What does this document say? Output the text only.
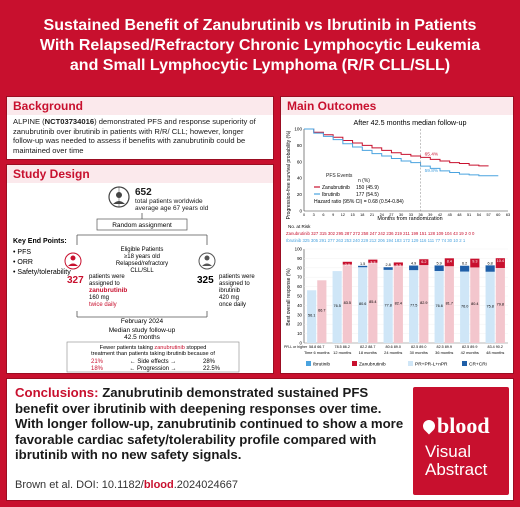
Sustained Benefit of Zanubrutinib vs Ibrutinib in Patients With Relapsed/Refractory Chronic Lymphocytic Leukemia and Small Lymphocytic Lymphoma (R/R CLL/SLL)
Background
ALPINE (NCT03734016) demonstrated PFS and response superiority of zanubrutinib over ibrutinib in patients with R/R/ CLL; however, longer follow-up was needed to assess if benefits with zanubrutinib could be maintained over time
Study Design
652
total patients worldwide
average age 67 years old
Random assignment
Key End Points:
• PFS
• ORR
• Safety/tolerability
Eligible Patients
≥18 years old
Relapsed/refractory
CLL/SLL
327 patients were
assigned to
zanubrutinib
160 mg
twice daily
325 patients were
assigned to
ibrutinib
420 mg
once daily
February 2024
Median study follow-up
42.5 months
Fewer patients taking zanubrutinib stopped
treatment than patients taking ibrutinib because of
21%	← Side effects →	28%
18%	← Progression →	22.5%
Main Outcomes
After 42.5 months median follow-up
Progression-free survival probability (%)	Months from randomization
0
20
40
60
80
100
0 3 6 9 12 15 18 21 24 27 30 33 36 39 42 45 48 51 54 57 60 63
65.4%
59.8%
PFS Events
n (%)
Zanubrutinib 150 (45.9)
Ibrutinib	177 (54.5)
Hazard ratio (95% CI) = 0.68 (0.54-0.84)
No. at Risk
Zanubrutinib 327 315 302 295 287 272 258 247 242 236 219 211 199 151 128 109 104 43 19 2 0 0
Ibrutinib 325 305 291 277 263 253 240 229 212 206 194 183 172 129 116 111 77 74 30 10 2 1
Best overall response (%)
0
10
20
30
40
50
60
70
80
90
100
56.1
66.7
Time 6 months
58.8 66.7
76.5
2.9
83.5
12 months
78.5 86.2
1.5
80.6
3.3
85.4
18 months
82.2 88.7
2.8
77.8
3.3
82.4
24 months
80.6 89.0
4.9
77.5
6.2
82.9
30 months
82.5 89.0
5.9
76.6
8.4
81.7
36 months
82.5 89.9
6.2
76.0
9.3
80.4
42 months
82.5 89.9
6.8
75.8
10.4
79.8
48 months
83.4 90.2
PR-L or higher
Ibrutinib	Zanubrutinib	PR+PR-L+nPR	CR+CRi
Conclusions: Zanubrutinib demonstrated sustained PFS benefit over ibrutinib with deepening responses over time. With longer follow-up, zanubrutinib continued to show a more favorable cardiac safety/tolerability profile compared with ibrutinib with no new safety signals.
Brown et al. DOI: 10.1182/blood.2024024667
blood
Visual
Abstract
